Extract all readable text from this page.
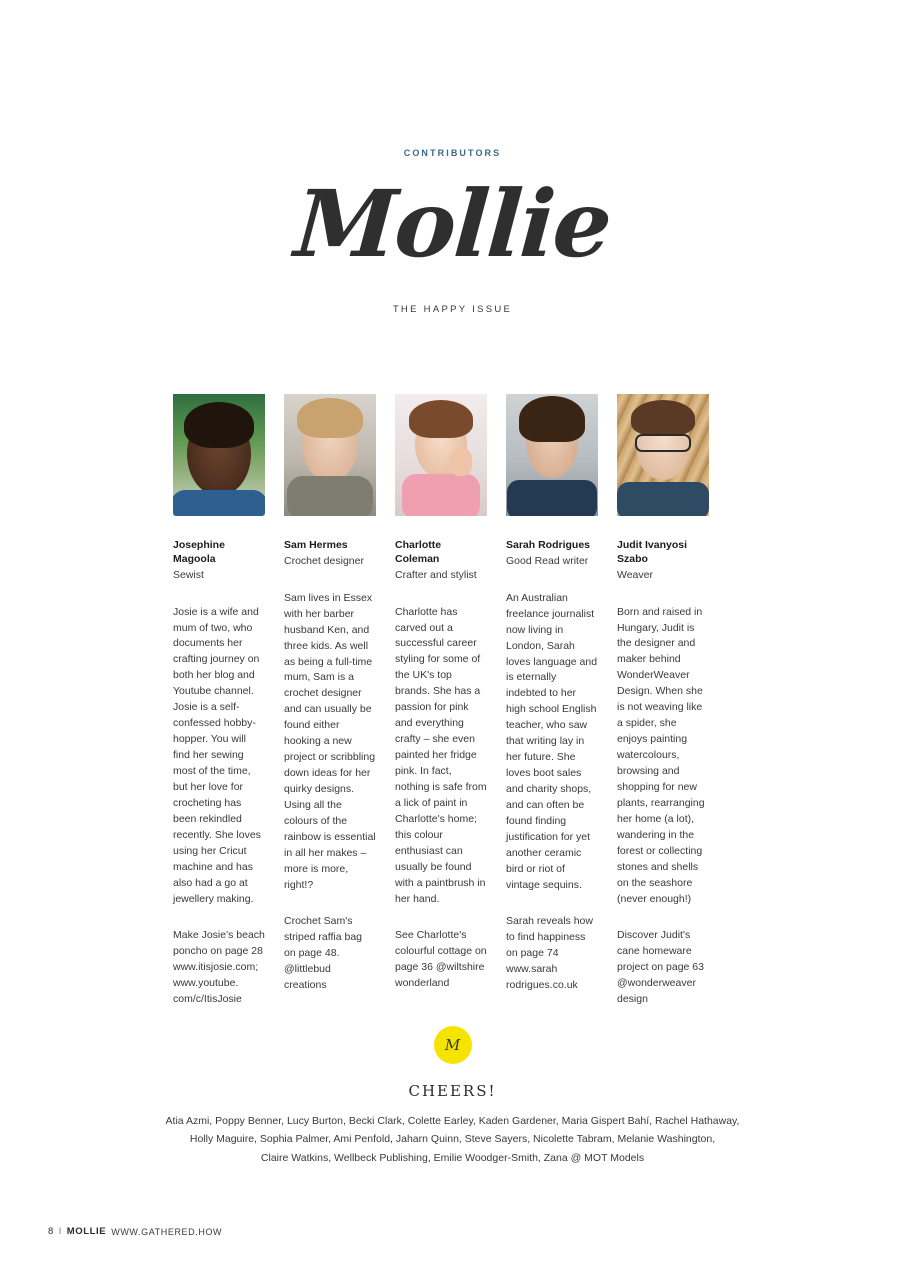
CONTRIBUTORS
Mollie
THE HAPPY ISSUE
Josephine Magoola
Sewist
Josie is a wife and mum of two, who documents her crafting journey on both her blog and Youtube channel. Josie is a self-confessed hobby-hopper. You will find her sewing most of the time, but her love for crocheting has been rekindled recently. She loves using her Cricut machine and has also had a go at jewellery making.
Make Josie's beach poncho on page 28 www.itisjosie.com; www.youtube. com/c/ItisJosie
Sam Hermes
Crochet designer
Sam lives in Essex with her barber husband Ken, and three kids. As well as being a full-time mum, Sam is a crochet designer and can usually be found either hooking a new project or scribbling down ideas for her quirky designs. Using all the colours of the rainbow is essential in all her makes – more is more, right!?
Crochet Sam's striped raffia bag on page 48. @littlebud creations
Charlotte Coleman
Crafter and stylist
Charlotte has carved out a successful career styling for some of the UK's top brands. She has a passion for pink and everything crafty – she even painted her fridge pink. In fact, nothing is safe from a lick of paint in Charlotte's home; this colour enthusiast can usually be found with a paintbrush in her hand.
See Charlotte's colourful cottage on page 36 @wiltshire wonderland
Sarah Rodrigues
Good Read writer
An Australian freelance journalist now living in London, Sarah loves language and is eternally indebted to her high school English teacher, who saw that writing lay in her future. She loves boot sales and charity shops, and can often be found finding justification for yet another ceramic bird or riot of vintage sequins.
Sarah reveals how to find happiness on page 74 www.sarah rodrigues.co.uk
Judit Ivanyosi Szabo
Weaver
Born and raised in Hungary, Judit is the designer and maker behind WonderWeaver Design. When she is not weaving like a spider, she enjoys painting watercolours, browsing and shopping for new plants, rearranging her home (a lot), wandering in the forest or collecting stones and shells on the seashore (never enough!)
Discover Judit's cane homeware project on page 63 @wonderweaver design
M
CHEERS!
Atia Azmi, Poppy Benner, Lucy Burton, Becki Clark, Colette Earley, Kaden Gardener, Maria Gispert Bahí, Rachel Hathaway,
Holly Maguire, Sophia Palmer, Ami Penfold, Jaharn Quinn, Steve Sayers, Nicolette Tabram, Melanie Washington,
Claire Watkins, Wellbeck Publishing, Emilie Woodger-Smith, Zana @ MOT Models
8 I MOLLIE WWW.GATHERED.HOW
